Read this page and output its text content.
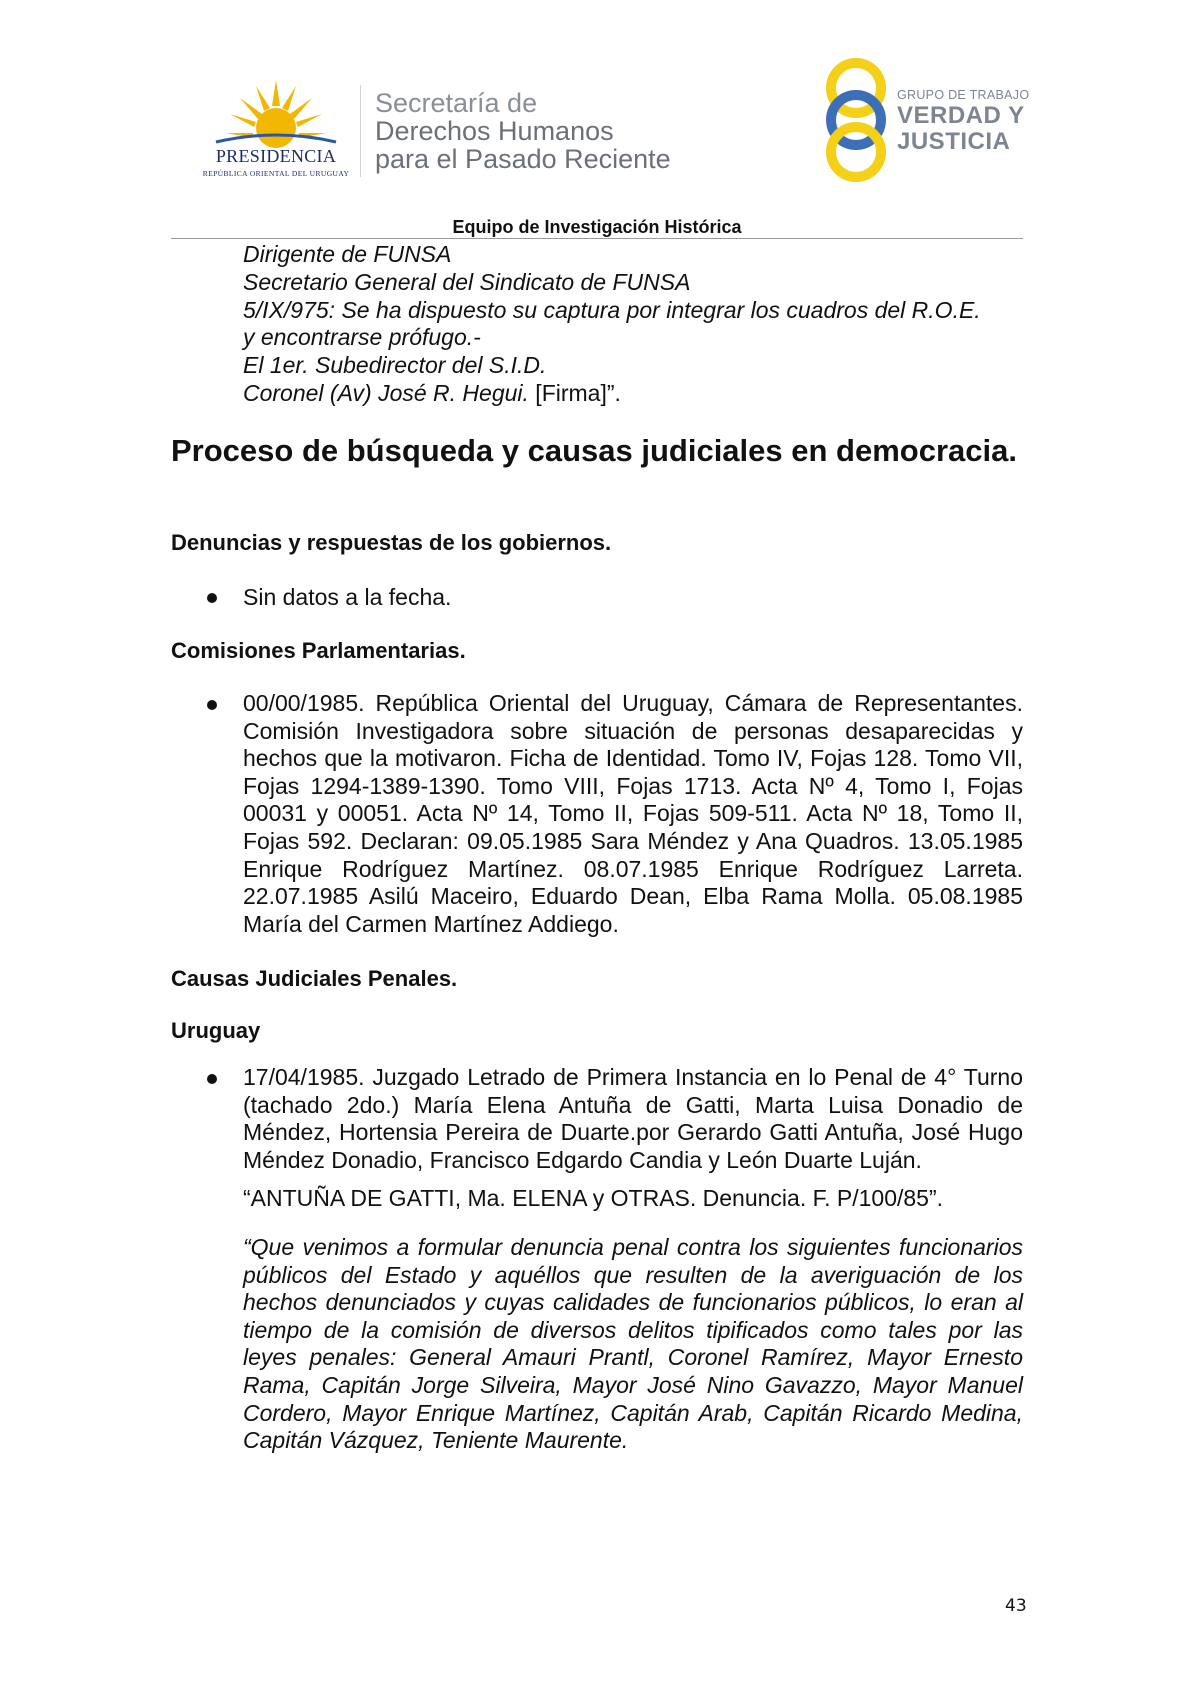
PRESIDENCIA
REPÚBLICA ORIENTAL DEL URUGUAY
Secretaría de
Derechos Humanos
para el Pasado Reciente
GRUPO DE TRABAJO
VERDAD Y
JUSTICIA
Equipo de Investigación Histórica
Dirigente de FUNSA
Secretario General del Sindicato de FUNSA
5/IX/975: Se ha dispuesto su captura por integrar los cuadros del R.O.E.
y encontrarse prófugo.-
El 1er. Subedirector del S.I.D.
Coronel (Av) José R. Hegui. [Firma]”.
Proceso de búsqueda y causas judiciales en democracia.
Denuncias y respuestas de los gobiernos.
Sin datos a la fecha.
Comisiones Parlamentarias.
00/00/1985. República Oriental del Uruguay, Cámara de Representantes. Comisión Investigadora sobre situación de personas desaparecidas y hechos que la motivaron. Ficha de Identidad. Tomo IV, Fojas 128. Tomo VII, Fojas 1294-1389-1390. Tomo VIII, Fojas 1713. Acta Nº 4, Tomo I, Fojas 00031 y 00051. Acta Nº 14, Tomo II, Fojas 509-511. Acta Nº 18, Tomo II, Fojas 592. Declaran: 09.05.1985 Sara Méndez y Ana Quadros. 13.05.1985 Enrique Rodríguez Martínez. 08.07.1985 Enrique Rodríguez Larreta. 22.07.1985 Asilú Maceiro, Eduardo Dean, Elba Rama Molla. 05.08.1985 María del Carmen Martínez Addiego.
Causas Judiciales Penales.
Uruguay
17/04/1985. Juzgado Letrado de Primera Instancia en lo Penal de 4° Turno (tachado 2do.) María Elena Antuña de Gatti, Marta Luisa Donadio de Méndez, Hortensia Pereira de Duarte.por Gerardo Gatti Antuña, José Hugo Méndez Donadio, Francisco Edgardo Candia y León Duarte Luján.
“ANTUÑA DE GATTI, Ma. ELENA y OTRAS. Denuncia. F. P/100/85”.
“Que venimos a formular denuncia penal contra los siguientes funcionarios públicos del Estado y aquéllos que resulten de la averiguación de los hechos denunciados y cuyas calidades de funcionarios públicos, lo eran al tiempo de la comisión de diversos delitos tipificados como tales por las leyes penales: General Amauri Prantl, Coronel Ramírez, Mayor Ernesto Rama, Capitán Jorge Silveira, Mayor José Nino Gavazzo, Mayor Manuel Cordero, Mayor Enrique Martínez, Capitán Arab, Capitán Ricardo Medina, Capitán Vázquez, Teniente Maurente.
43
